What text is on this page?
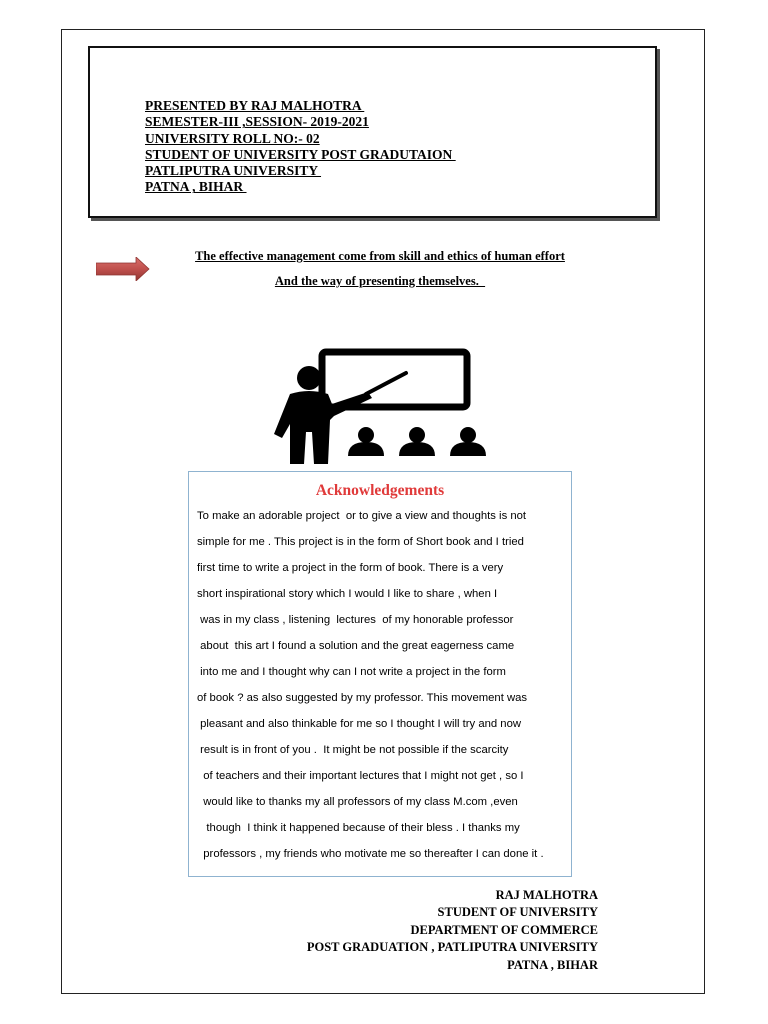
PRESENTED BY RAJ MALHOTRA
SEMESTER-III ,SESSION- 2019-2021
UNIVERSITY ROLL NO:- 02
STUDENT OF UNIVERSITY POST GRADUTAION
PATLIPUTRA UNIVERSITY
PATNA , BIHAR
The effective management come from skill and ethics of human effort
And the way of presenting themselves.
Acknowledgements
To make an adorable project  or to give a view and thoughts is not
simple for me . This project is in the form of Short book and I tried
first time to write a project in the form of book. There is a very
short inspirational story which I would I like to share , when I
was in my class , listening  lectures  of my honorable professor
about  this art I found a solution and the great eagerness came
into me and I thought why can I not write a project in the form
of book ? as also suggested by my professor. This movement was
pleasant and also thinkable for me so I thought I will try and now
result is in front of you .  It might be not possible if the scarcity
of teachers and their important lectures that I might not get , so I
would like to thanks my all professors of my class M.com ,even
though  I think it happened because of their bless . I thanks my
professors , my friends who motivate me so thereafter I can done it .
RAJ MALHOTRA
STUDENT OF UNIVERSITY
DEPARTMENT OF COMMERCE
POST GRADUATION , PATLIPUTRA UNIVERSITY
PATNA , BIHAR
